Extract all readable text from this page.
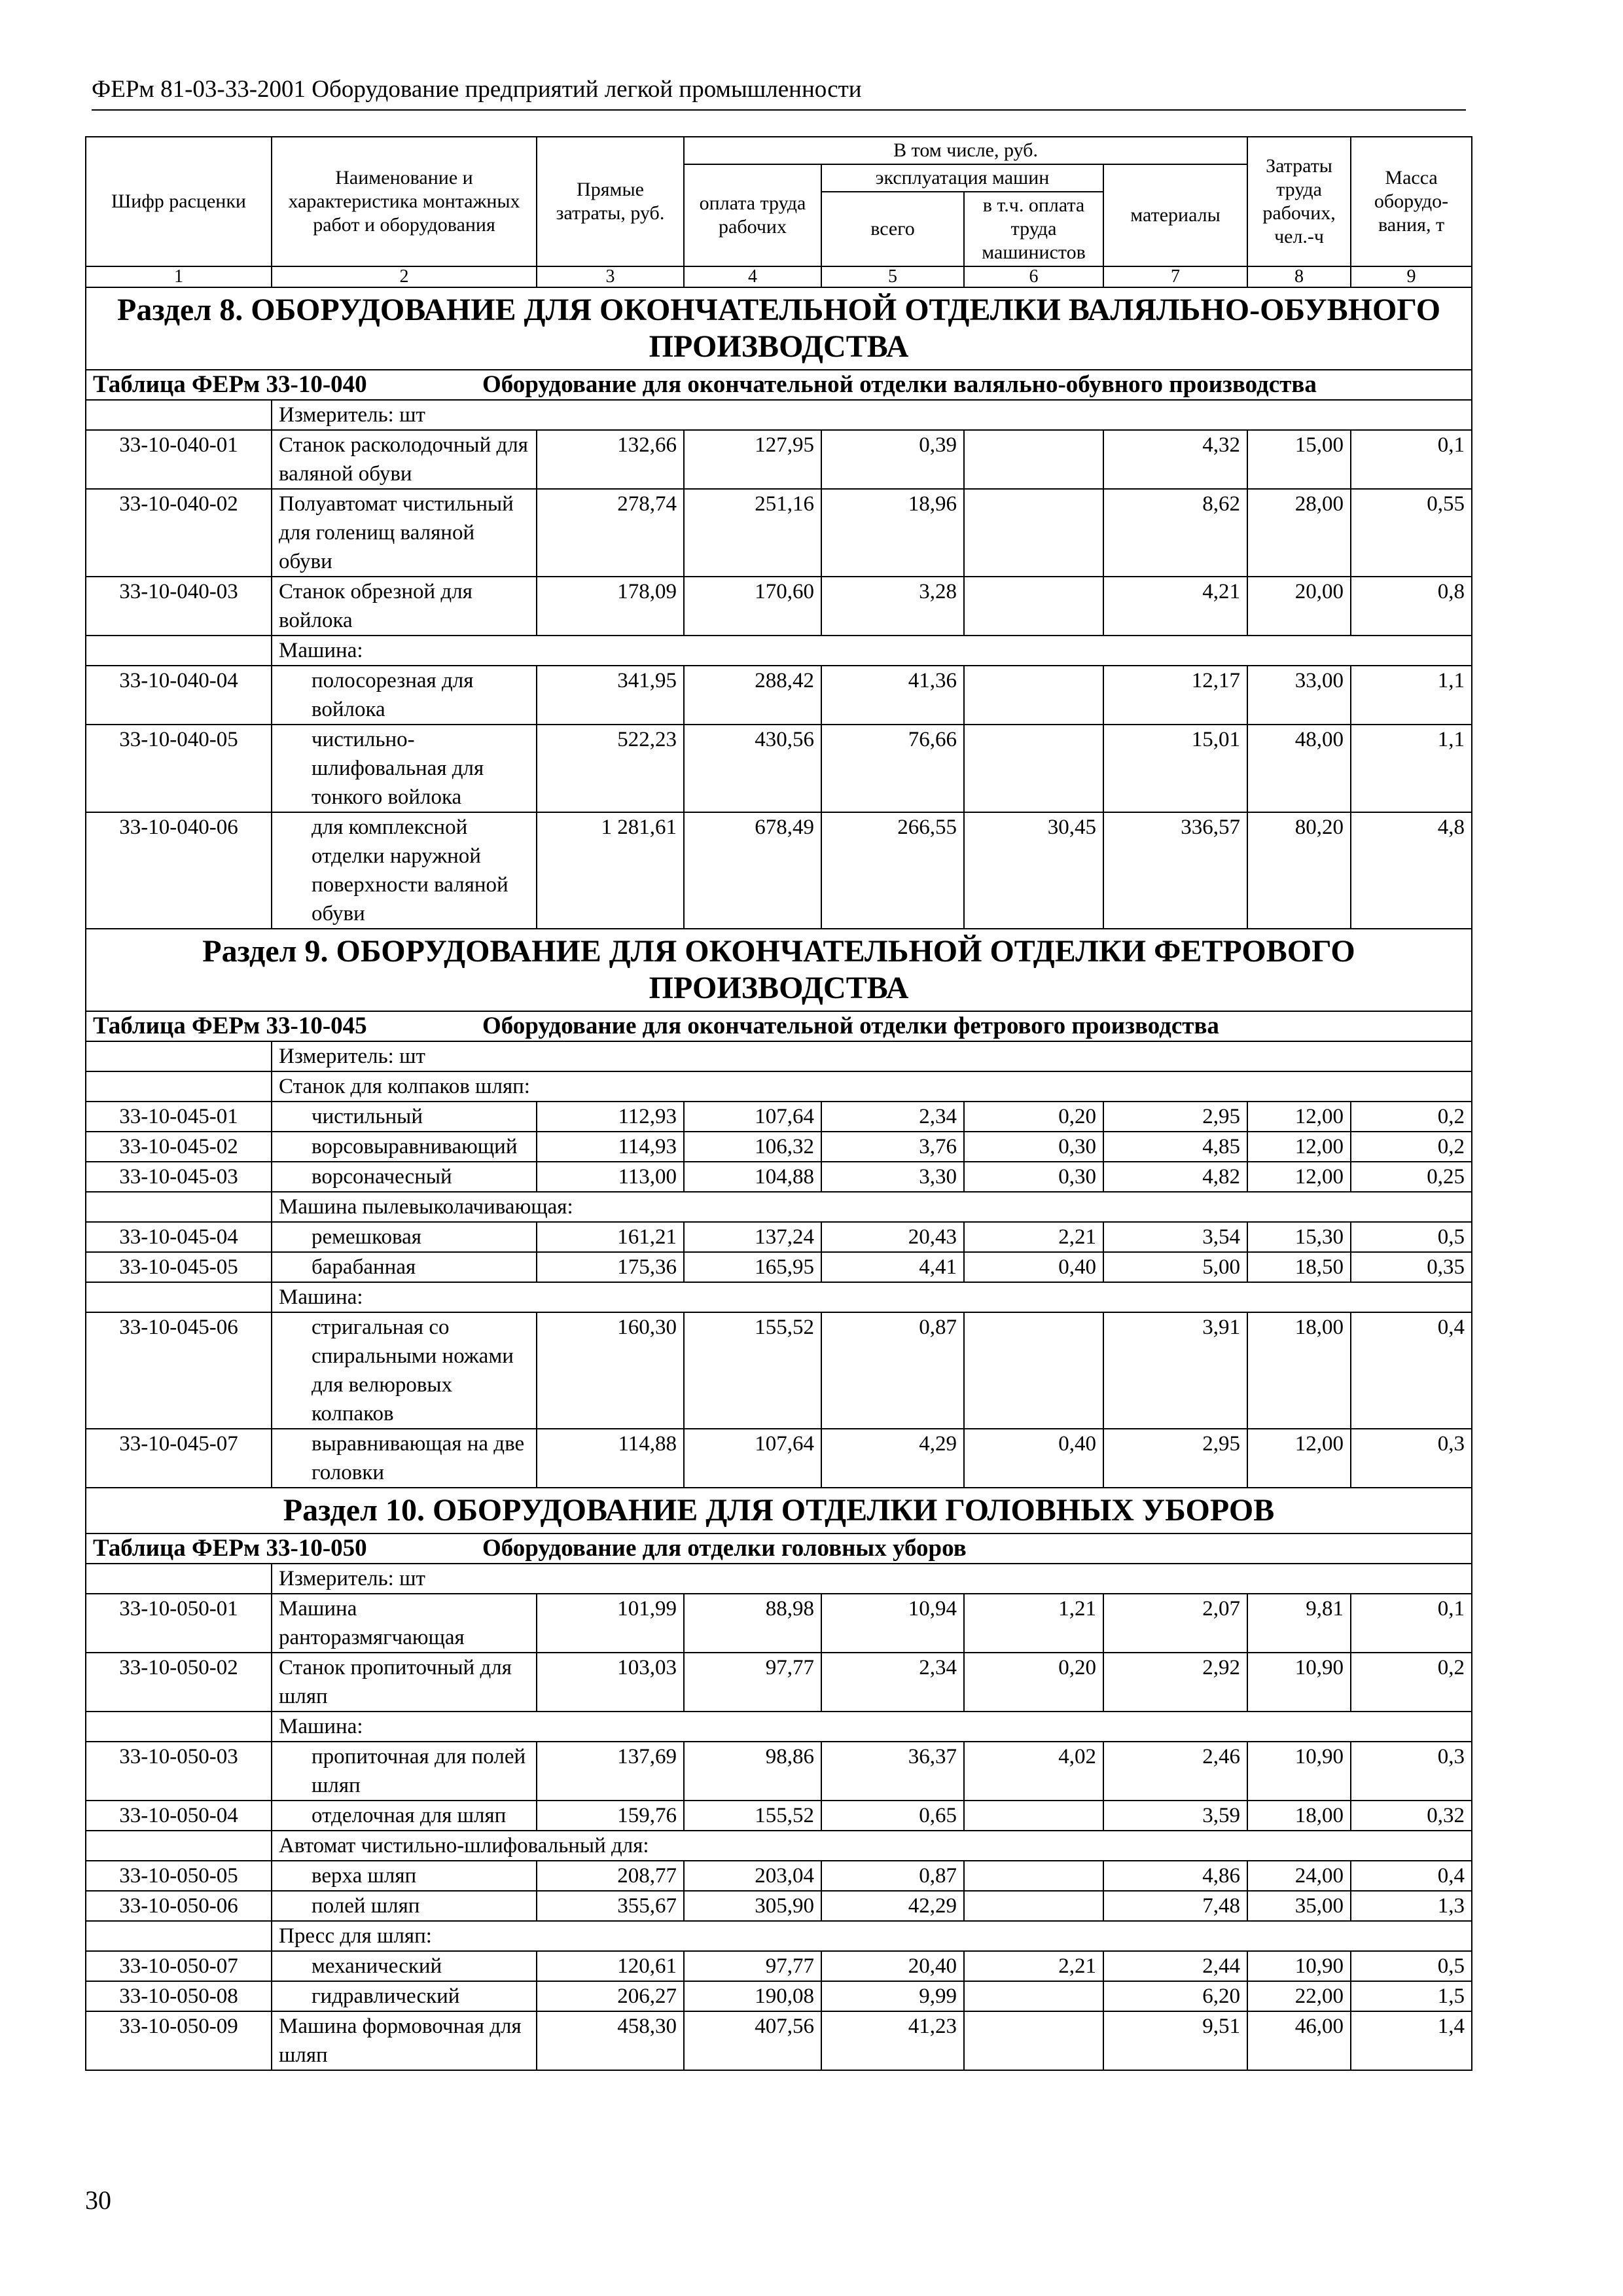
ФЕРм 81-03-33-2001 Оборудование предприятий легкой промышленности
Шифр расценки	Наименование и характеристика монтажных работ и оборудования	Прямые затраты, руб.	В том числе, руб.				Затраты труда рабочих, чел.-ч	Масса оборудо-вания, т
			оплата труда рабочих	эксплуатация машин		материалы		
				всего	в т.ч. оплата труда машинистов			
1	2	3	4	5	6	7	8	9
Раздел 8. ОБОРУДОВАНИЕ ДЛЯ ОКОНЧАТЕЛЬНОЙ ОТДЕЛКИ ВАЛЯЛЬНО-ОБУВНОГО ПРОИЗВОДСТВА								
Таблица ФЕРм 33-10-040 Оборудование для окончательной отделки валяльно-обувного производства								
	Измеритель: шт							
33-10-040-01	Станок расколодочный для валяной обуви	132,66	127,95	0,39		4,32	15,00	0,1
33-10-040-02	Полуавтомат чистильный для голенищ валяной обуви	278,74	251,16	18,96		8,62	28,00	0,55
33-10-040-03	Станок обрезной для войлока	178,09	170,60	3,28		4,21	20,00	0,8
	Машина:							
33-10-040-04	полосорезная для войлока	341,95	288,42	41,36		12,17	33,00	1,1
33-10-040-05	чистильно-шлифовальная для тонкого войлока	522,23	430,56	76,66		15,01	48,00	1,1
33-10-040-06	для комплексной отделки наружной поверхности валяной обуви	1 281,61	678,49	266,55	30,45	336,57	80,20	4,8
Раздел 9. ОБОРУДОВАНИЕ ДЛЯ ОКОНЧАТЕЛЬНОЙ ОТДЕЛКИ ФЕТРОВОГО ПРОИЗВОДСТВА								
Таблица ФЕРм 33-10-045 Оборудование для окончательной отделки фетрового производства								
	Измеритель: шт							
	Станок для колпаков шляп:							
33-10-045-01	чистильный	112,93	107,64	2,34	0,20	2,95	12,00	0,2
33-10-045-02	ворсовыравнивающий	114,93	106,32	3,76	0,30	4,85	12,00	0,2
33-10-045-03	ворсоначесный	113,00	104,88	3,30	0,30	4,82	12,00	0,25
	Машина пылевыколачивающая:							
33-10-045-04	ремешковая	161,21	137,24	20,43	2,21	3,54	15,30	0,5
33-10-045-05	барабанная	175,36	165,95	4,41	0,40	5,00	18,50	0,35
	Машина:							
33-10-045-06	стригальная со спиральными ножами для велюровых колпаков	160,30	155,52	0,87		3,91	18,00	0,4
33-10-045-07	выравнивающая на две головки	114,88	107,64	4,29	0,40	2,95	12,00	0,3
Раздел 10. ОБОРУДОВАНИЕ ДЛЯ ОТДЕЛКИ ГОЛОВНЫХ УБОРОВ								
Таблица ФЕРм 33-10-050 Оборудование для отделки головных уборов								
	Измеритель: шт							
33-10-050-01	Машина ранторазмягчающая	101,99	88,98	10,94	1,21	2,07	9,81	0,1
33-10-050-02	Станок пропиточный для шляп	103,03	97,77	2,34	0,20	2,92	10,90	0,2
	Машина:							
33-10-050-03	пропиточная для полей шляп	137,69	98,86	36,37	4,02	2,46	10,90	0,3
33-10-050-04	отделочная для шляп	159,76	155,52	0,65		3,59	18,00	0,32
	Автомат чистильно-шлифовальный для:							
33-10-050-05	верха шляп	208,77	203,04	0,87		4,86	24,00	0,4
33-10-050-06	полей шляп	355,67	305,90	42,29		7,48	35,00	1,3
	Пресс для шляп:							
33-10-050-07	механический	120,61	97,77	20,40	2,21	2,44	10,90	0,5
33-10-050-08	гидравлический	206,27	190,08	9,99		6,20	22,00	1,5
33-10-050-09	Машина формовочная для шляп	458,30	407,56	41,23		9,51	46,00	1,4
30
